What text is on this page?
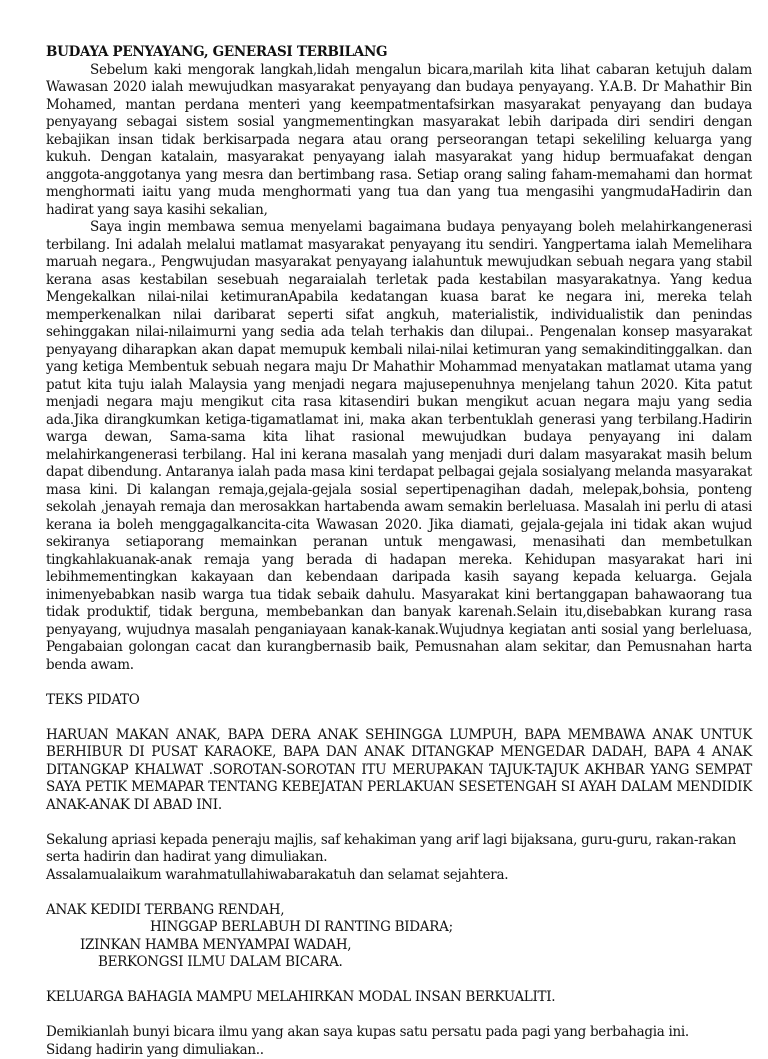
BUDAYA PENYAYANG, GENERASI TERBILANG

Sebelum kaki mengorak langkah,lidah mengalun bicara,marilah kita lihat cabaran ketujuh dalam Wawasan 2020 ialah mewujudkan masyarakat penyayang dan budaya penyayang. Y.A.B. Dr Mahathir Bin Mohamed, mantan perdana menteri yang keempatmentafsirkan masyarakat penyayang dan budaya penyayang sebagai sistem sosial yangmementingkan masyarakat lebih daripada diri sendiri dengan kebajikan insan tidak berkisarpada negara atau orang perseorangan tetapi sekeliling keluarga yang kukuh. Dengan katalain, masyarakat penyayang ialah masyarakat yang hidup bermuafakat dengan anggota-anggotanya yang mesra dan bertimbang rasa. Setiap orang saling faham-memahami dan hormat menghormati iaitu yang muda menghormati yang tua dan yang tua mengasihi yangmudaHadirin dan hadirat yang saya kasihi sekalian,

Saya ingin membawa semua menyelami bagaimana budaya penyayang boleh melahirkangenerasi terbilang. Ini adalah melalui matlamat masyarakat penyayang itu sendiri. Yangpertama ialah Memelihara maruah negara., Pengwujudan masyarakat penyayang ialahuntuk mewujudkan sebuah negara yang stabil kerana asas kestabilan sesebuah negaraialah terletak pada kestabilan masyarakatnya. Yang kedua Mengekalkan nilai-nilai ketimuranApabila kedatangan kuasa barat ke negara ini, mereka telah memperkenalkan nilai daribarat seperti sifat angkuh, materialistik, individualistik dan penindas sehinggakan nilai-nilaimurni yang sedia ada telah terhakis dan dilupai.. Pengenalan konsep masyarakat penyayang diharapkan akan dapat memupuk kembali nilai-nilai ketimuran yang semakinditinggalkan. dan yang ketiga Membentuk sebuah negara maju Dr Mahathir Mohammad menyatakan matlamat utama yang patut kita tuju ialah Malaysia yang menjadi negara majusepenuhnya menjelang tahun 2020. Kita patut menjadi negara maju mengikut cita rasa kitasendiri bukan mengikut acuan negara maju yang sedia ada.Jika dirangkumkan ketiga-tigamatlamat ini, maka akan terbentuklah generasi yang terbilang.Hadirin warga dewan, Sama-sama kita lihat rasional mewujudkan budaya penyayang ini dalam melahirkangenerasi terbilang. Hal ini kerana masalah yang menjadi duri dalam masyarakat masih belum dapat dibendung. Antaranya ialah pada masa kini terdapat pelbagai gejala sosialyang melanda masyarakat masa kini. Di kalangan remaja,gejala-gejala sosial sepertipenagihan dadah, melepak,bohsia, ponteng sekolah ,jenayah remaja dan merosakkan hartabenda awam semakin berleluasa. Masalah ini perlu di atasi kerana ia boleh menggagalkancita-cita Wawasan 2020. Jika diamati, gejala-gejala ini tidak akan wujud sekiranya setiaporang memainkan peranan untuk mengawasi, menasihati dan membetulkan tingkahlakuanak-anak remaja yang berada di hadapan mereka. Kehidupan masyarakat hari ini lebihmementingkan kakayaan dan kebendaan daripada kasih sayang kepada keluarga. Gejala inimenyebabkan nasib warga tua tidak sebaik dahulu. Masyarakat kini bertanggapan bahawaorang tua tidak produktif, tidak berguna, membebankan dan banyak karenah.Selain itu,disebabkan kurang rasa penyayang, wujudnya masalah penganiayaan kanak-kanak.Wujudnya kegiatan anti sosial yang berleluasa, Pengabaian golongan cacat dan kurangbernasib baik, Pemusnahan alam sekitar, dan Pemusnahan harta benda awam.

TEKS PIDATO

HARUAN MAKAN ANAK, BAPA DERA ANAK SEHINGGA LUMPUH, BAPA MEMBAWA ANAK UNTUK BERHIBUR DI PUSAT KARAOKE, BAPA DAN ANAK DITANGKAP MENGEDAR DADAH, BAPA 4 ANAK DITANGKAP KHALWAT .SOROTAN-SOROTAN ITU MERUPAKAN TAJUK-TAJUK AKHBAR YANG SEMPAT SAYA PETIK MEMAPAR TENTANG KEBEJATAN PERLAKUAN SESETENGAH SI AYAH DALAM MENDIDIK ANAK-ANAK DI ABAD INI.

Sekalung apriasi kepada peneraju majlis, saf kehakiman yang arif lagi bijaksana, guru-guru, rakan-rakan serta hadirin dan hadirat yang dimuliakan.

Assalamualaikum warahmatullahiwabarakatuh dan selamat sejahtera.

ANAK KEDIDI TERBANG RENDAH,
HINGGAP BERLABUH DI RANTING BIDARA;
IZINKAN HAMBA MENYAMPAI WADAH,
BERKONGSI ILMU DALAM BICARA.

KELUARGA BAHAGIA MAMPU MELAHIRKAN MODAL INSAN BERKUALITI.

Demikianlah bunyi bicara ilmu yang akan saya kupas satu persatu pada pagi yang berbahagia ini.

Sidang hadirin yang dimuliakan..
